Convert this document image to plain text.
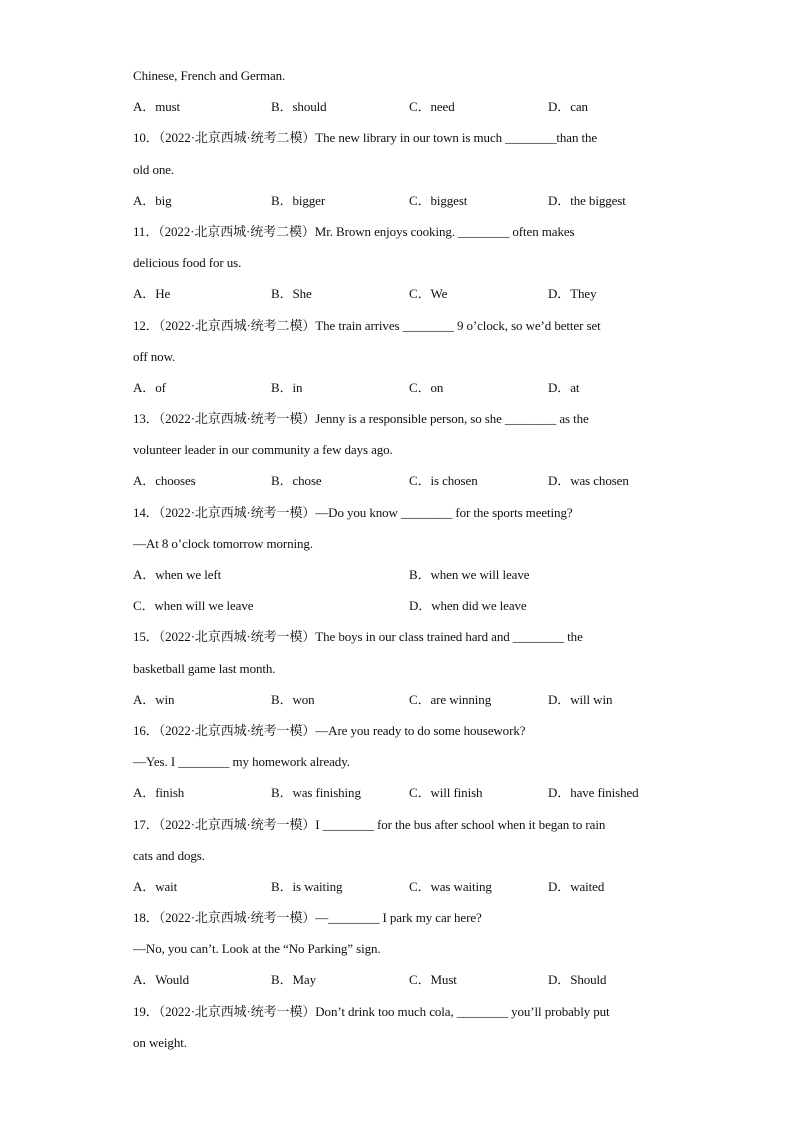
Chinese, French and German.
A．must	B．should	C．need	D．can
10．（2022·北京西城·统考二模）The new library in our town is much ________than the
old one.
A．big	B．bigger	C．biggest	D．the biggest
11．（2022·北京西城·统考二模）Mr. Brown enjoys cooking. ________ often makes
delicious food for us.
A．He	B．She	C．We	D．They
12．（2022·北京西城·统考二模）The train arrives ________ 9 o’clock, so we’d better set
off now.
A．of	B．in	C．on	D．at
13．（2022·北京西城·统考一模）Jenny is a responsible person, so she ________ as the
volunteer leader in our community a few days ago.
A．chooses	B．chose	C．is chosen	D．was chosen
14．（2022·北京西城·统考一模）—Do you know ________ for the sports meeting?
—At 8 o’clock tomorrow morning.
A．when we left	B．when we will leave
C．when will we leave	D．when did we leave
15．（2022·北京西城·统考一模）The boys in our class trained hard and ________ the
basketball game last month.
A．win	B．won	C．are winning	D．will win
16．（2022·北京西城·统考一模）—Are you ready to do some housework?
—Yes. I ________ my homework already.
A．finish	B．was finishing	C．will finish	D．have finished
17．（2022·北京西城·统考一模）I ________ for the bus after school when it began to rain
cats and dogs.
A．wait	B．is waiting	C．was waiting	D．waited
18．（2022·北京西城·统考一模）—________ I park my car here?
—No, you can’t. Look at the “No Parking” sign.
A．Would	B．May	C．Must	D．Should
19．（2022·北京西城·统考一模）Don’t drink too much cola, ________ you’ll probably put
on weight.
